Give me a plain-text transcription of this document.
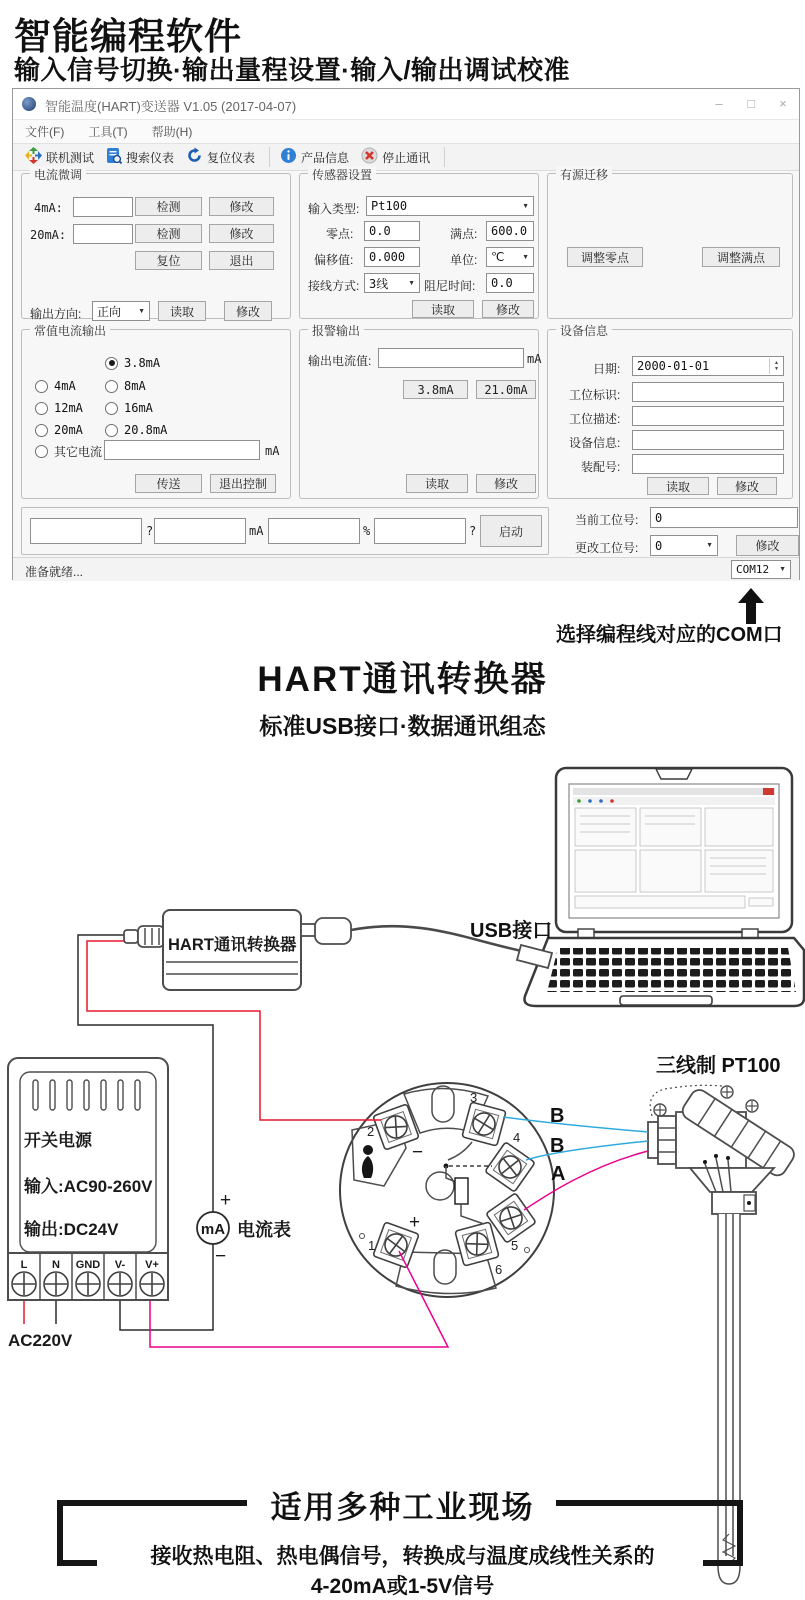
智能编程软件
输入信号切换·输出量程设置·输入/输出调试校准
智能温度(HART)变送器 V1.05 (2017-04-07)	–	□	×
文件(F) 工具(T) 帮助(H)
联机测试	搜索仪表	复位仪表	产品信息	停止通讯
电流微调
4mA:	检测	修改
20mA:	检测	修改
复位	退出
输出方向: 正向 ▼	读取	修改
传感器设置
输入类型: Pt100	▼
零点:	0.0	满点:	600.0
偏移值:	0.000	单位: ℃	▼
接线方式: 3线	▼ 阻尼时间:	0.0
读取	修改
有源迁移
调整零点	调整满点
常值电流输出
3.8mA
4mA	8mA
12mA	16mA
20mA	20.8mA
其它电流	mA
传送	退出控制
报警输出
输出电流值:	mA
3.8mA	21.0mA
读取	修改
设备信息
日期:	2000-01-01	▲
▼
工位标识:
工位描述:
设备信息:
装配号:
读取	修改
?	mA	%	?	启动
当前工位号:	0
更改工位号: 0	▼	修改
准备就绪...	COM12 ▼
选择编程线对应的COM口
HART通讯转换器
标准USB接口·数据通讯组态
1
2
3
4
5
6
+
−
三线制 PT100
B
B
A
HART通讯转换器
USB接口
开关电源
输入:AC90-260V
输出:DC24V
L N GND V- V+
AC220V
mA
+
−
电流表
适用多种工业现场
接收热电阻、热电偶信号，转换成与温度成线性关系的
4-20mA或1-5V信号
